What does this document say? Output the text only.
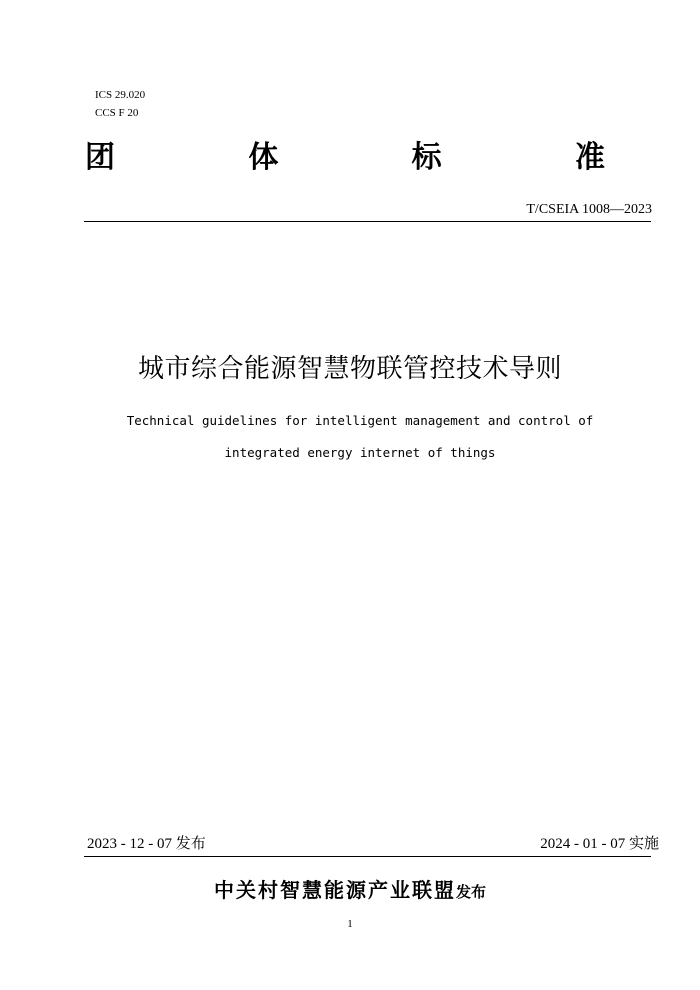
ICS 29.020
CCS F 20
团	体	标	准
T/CSEIA 1008—2023
城市综合能源智慧物联管控技术导则
Technical guidelines for intelligent management and control of
integrated energy internet of things
2023 - 12 - 07 发布	2024 - 01 - 07 实施
中关村智慧能源产业联盟发布
1
